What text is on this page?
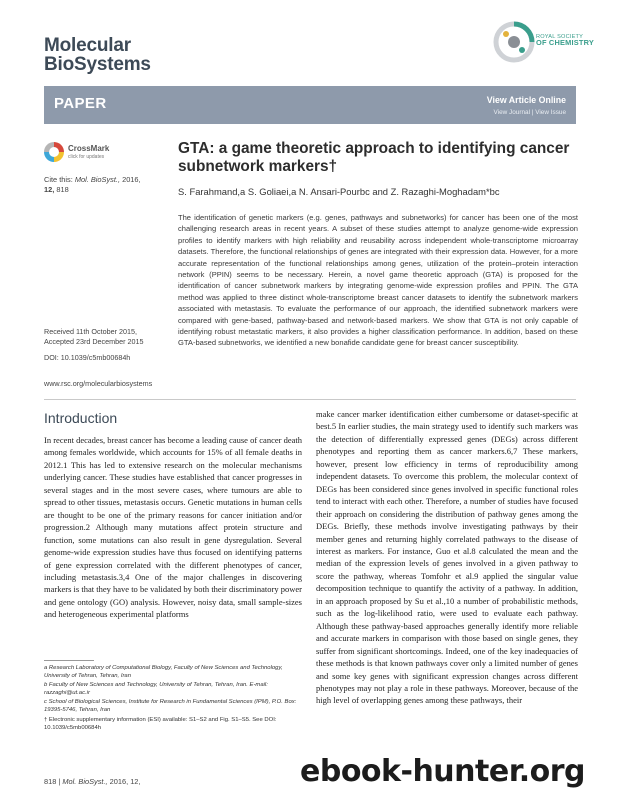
Molecular
BioSystems
ROYAL SOCIETY
OF CHEMISTRY
PAPER	View Article Online
View Journal | View Issue
CrossMark
click for updates
Cite this: Mol. BioSyst., 2016,
12, 818
Received 11th October 2015,
Accepted 23rd December 2015
DOI: 10.1039/c5mb00684h
www.rsc.org/molecularbiosystems
GTA: a game theoretic approach to identifying cancer subnetwork markers†
S. Farahmand,a S. Goliaei,a N. Ansari-Pourbc and Z. Razaghi-Moghadam*bc
The identification of genetic markers (e.g. genes, pathways and subnetworks) for cancer has been one of the most challenging research areas in recent years. A subset of these studies attempt to analyze genome-wide expression profiles to identify markers with high reliability and reusability across independent whole-transcriptome microarray datasets. Therefore, the functional relationships of genes are integrated with their expression data. However, for a more accurate representation of the functional relationships among genes, utilization of the protein–protein interaction network (PPIN) seems to be necessary. Herein, a novel game theoretic approach (GTA) is proposed for the identification of cancer subnetwork markers by integrating genome-wide expression profiles and PPIN. The GTA method was applied to three distinct whole-transcriptome breast cancer datasets to identify the subnetwork markers associated with metastasis. To evaluate the performance of our approach, the identified subnetwork markers were compared with gene-based, pathway-based and network-based markers. We show that GTA is not only capable of identifying robust metastatic markers, it also provides a higher classification performance. In addition, based on these GTA-based subnetworks, we identified a new bonafide candidate gene for breast cancer susceptibility.
Introduction
In recent decades, breast cancer has become a leading cause of cancer death among females worldwide, which accounts for 15% of all female deaths in 2012.1 This has led to extensive research on the molecular mechanisms underlying cancer. These studies have established that cancer progresses in several stages and in the most severe cases, where tumours are able to spread to other tissues, metastasis occurs. Genetic mutations in human cells are thought to be one of the primary reasons for cancer initiation and/or progression.2 Although many mutations affect protein structure and function, some mutations can also result in gene dysregulation. Several genome-wide expression studies have thus focused on identifying patterns of gene expression correlated with the different phenotypes of cancer, including metastasis.3,4 One of the major challenges in discovering markers is that they have to be validated by both their discriminatory power and gene ontology (GO) analysis. However, noisy data, small sample-sizes and heterogeneous experimental platforms
make cancer marker identification either cumbersome or dataset-specific at best.5 In earlier studies, the main strategy used to identify such markers was the detection of differentially expressed genes (DEGs) across different phenotypes and reporting them as cancer markers.6,7 These markers, however, present low efficiency in terms of reproducibility among independent datasets. To overcome this problem, the molecular context of DEGs has been considered since genes involved in specific functional roles tend to interact with each other. Therefore, a number of studies have focused their approach on considering the distribution of pathway genes among the DEGs. Briefly, these methods involve investigating pathways by their member genes and returning highly correlated pathways to the disease of interest as markers. For instance, Guo et al.8 calculated the mean and the median of the expression levels of genes involved in a given pathway to score the pathway, whereas Tomfohr et al.9 applied the singular value decomposition technique to quantify the activity of a pathway. In addition, in an approach proposed by Su et al.,10 a number of probabilistic methods, such as the log-likelihood ratio, were used to evaluate each pathway. Although these pathway-based approaches generally identify more reliable and accurate markers in comparison with those based on single genes, they suffer from significant shortcomings. Indeed, one of the key inadequacies of these methods is that known pathways cover only a limited number of genes and some key genes with significant expression changes across different phenotypes may not play a role in these pathways. Moreover, because of the high level of overlapping genes among these pathways, their
a Research Laboratory of Computational Biology, Faculty of New Sciences and Technology, University of Tehran, Tehran, Iran
b Faculty of New Sciences and Technology, University of Tehran, Tehran, Iran. E-mail: razzaghi@ut.ac.ir
c School of Biological Sciences, Institute for Research in Fundamental Sciences (IPM), P.O. Box: 19395-5746, Tehran, Iran
† Electronic supplementary information (ESI) available: S1–S2 and Fig. S1–S5. See DOI: 10.1039/c5mb00684h
818 | Mol. BioSyst., 2016, 12,	ebook-hunter.org
